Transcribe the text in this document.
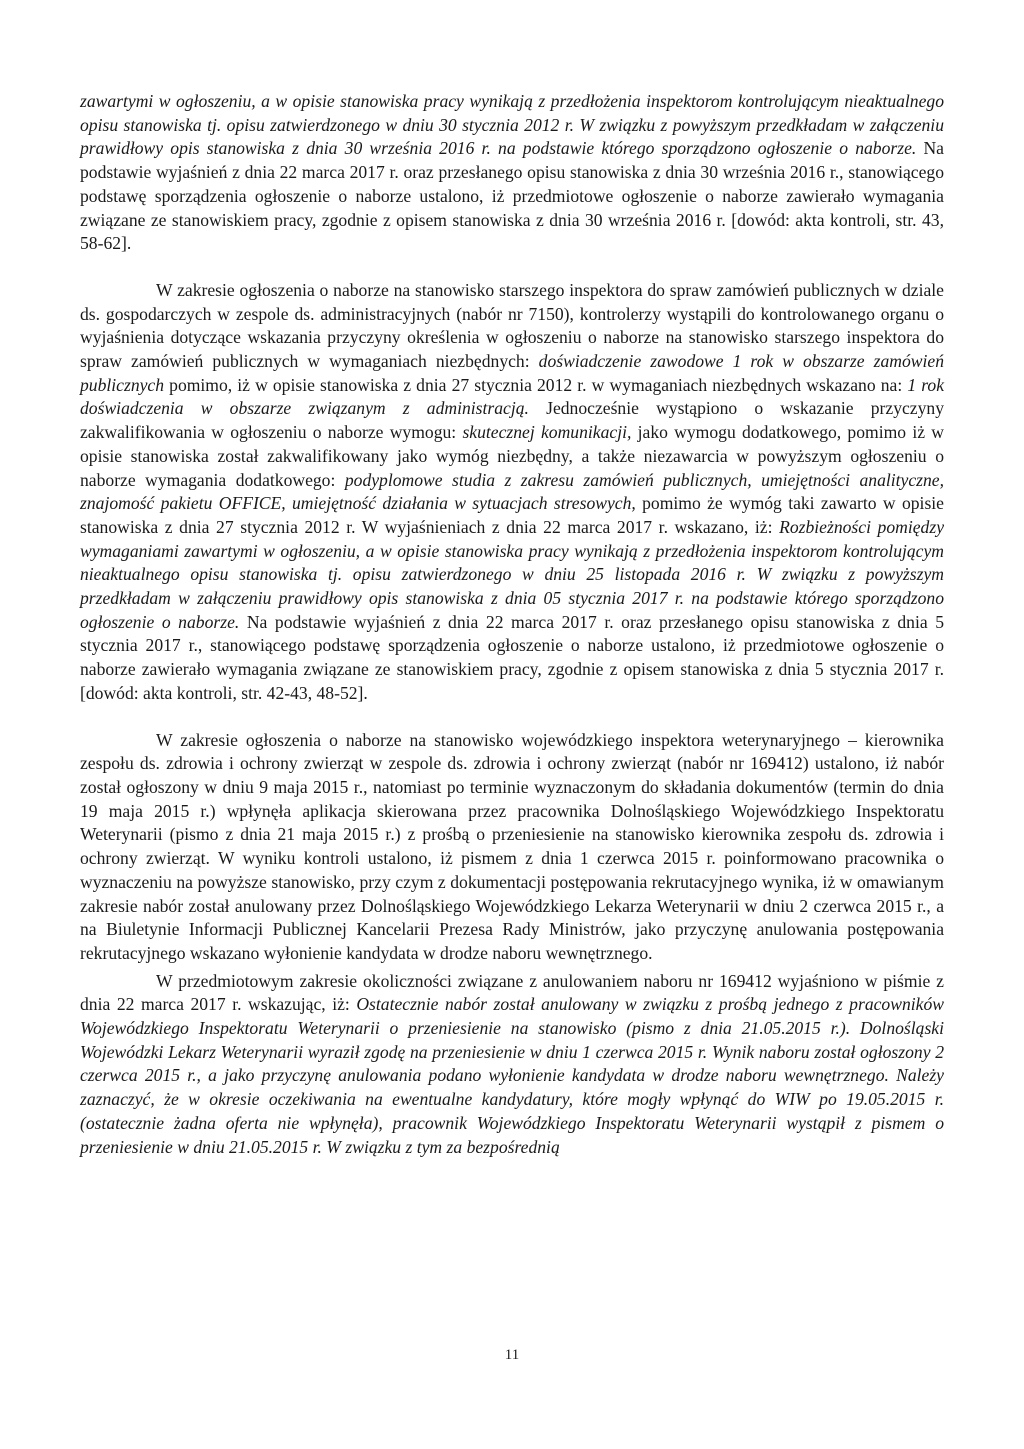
zawartymi w ogłoszeniu, a w opisie stanowiska pracy wynikają z przedłożenia inspektorom kontrolującym nieaktualnego opisu stanowiska tj. opisu zatwierdzonego w dniu 30 stycznia 2012 r. W związku z powyższym przedkładam w załączeniu prawidłowy opis stanowiska z dnia 30 września 2016 r. na podstawie którego sporządzono ogłoszenie o naborze. Na podstawie wyjaśnień z dnia 22 marca 2017 r. oraz przesłanego opisu stanowiska z dnia 30 września 2016 r., stanowiącego podstawę sporządzenia ogłoszenie o naborze ustalono, iż przedmiotowe ogłoszenie o naborze zawierało wymagania związane ze stanowiskiem pracy, zgodnie z opisem stanowiska z dnia 30 września 2016 r. [dowód: akta kontroli, str. 43, 58-62].

W zakresie ogłoszenia o naborze na stanowisko starszego inspektora do spraw zamówień publicznych w dziale ds. gospodarczych w zespole ds. administracyjnych (nabór nr 7150), kontrolerzy wystąpili do kontrolowanego organu o wyjaśnienia dotyczące wskazania przyczyny określenia w ogłoszeniu o naborze na stanowisko starszego inspektora do spraw zamówień publicznych w wymaganiach niezbędnych: doświadczenie zawodowe 1 rok w obszarze zamówień publicznych pomimo, iż w opisie stanowiska z dnia 27 stycznia 2012 r. w wymaganiach niezbędnych wskazano na: 1 rok doświadczenia w obszarze związanym z administracją. Jednocześnie wystąpiono o wskazanie przyczyny zakwalifikowania w ogłoszeniu o naborze wymogu: skutecznej komunikacji, jako wymogu dodatkowego, pomimo iż w opisie stanowiska został zakwalifikowany jako wymóg niezbędny, a także niezawarcia w powyższym ogłoszeniu o naborze wymagania dodatkowego: podyplomowe studia z zakresu zamówień publicznych, umiejętności analityczne, znajomość pakietu OFFICE, umiejętność działania w sytuacjach stresowych, pomimo że wymóg taki zawarto w opisie stanowiska z dnia 27 stycznia 2012 r. W wyjaśnieniach z dnia 22 marca 2017 r. wskazano, iż: Rozbieżności pomiędzy wymaganiami zawartymi w ogłoszeniu, a w opisie stanowiska pracy wynikają z przedłożenia inspektorom kontrolującym nieaktualnego opisu stanowiska tj. opisu zatwierdzonego w dniu 25 listopada 2016 r. W związku z powyższym przedkładam w załączeniu prawidłowy opis stanowiska z dnia 05 stycznia 2017 r. na podstawie którego sporządzono ogłoszenie o naborze. Na podstawie wyjaśnień z dnia 22 marca 2017 r. oraz przesłanego opisu stanowiska z dnia 5 stycznia 2017 r., stanowiącego podstawę sporządzenia ogłoszenie o naborze ustalono, iż przedmiotowe ogłoszenie o naborze zawierało wymagania związane ze stanowiskiem pracy, zgodnie z opisem stanowiska z dnia 5 stycznia 2017 r. [dowód: akta kontroli, str. 42-43, 48-52].

W zakresie ogłoszenia o naborze na stanowisko wojewódzkiego inspektora weterynaryjnego – kierownika zespołu ds. zdrowia i ochrony zwierząt w zespole ds. zdrowia i ochrony zwierząt (nabór nr 169412) ustalono, iż nabór został ogłoszony w dniu 9 maja 2015 r., natomiast po terminie wyznaczonym do składania dokumentów (termin do dnia 19 maja 2015 r.) wpłynęła aplikacja skierowana przez pracownika Dolnośląskiego Wojewódzkiego Inspektoratu Weterynarii (pismo z dnia 21 maja 2015 r.) z prośbą o przeniesienie na stanowisko kierownika zespołu ds. zdrowia i ochrony zwierząt. W wyniku kontroli ustalono, iż pismem z dnia 1 czerwca 2015 r. poinformowano pracownika o wyznaczeniu na powyższe stanowisko, przy czym z dokumentacji postępowania rekrutacyjnego wynika, iż w omawianym zakresie nabór został anulowany przez Dolnośląskiego Wojewódzkiego Lekarza Weterynarii w dniu 2 czerwca 2015 r., a na Biuletynie Informacji Publicznej Kancelarii Prezesa Rady Ministrów, jako przyczynę anulowania postępowania rekrutacyjnego wskazano wyłonienie kandydata w drodze naboru wewnętrznego.

W przedmiotowym zakresie okoliczności związane z anulowaniem naboru nr 169412 wyjaśniono w piśmie z dnia 22 marca 2017 r. wskazując, iż: Ostatecznie nabór został anulowany w związku z prośbą jednego z pracowników Wojewódzkiego Inspektoratu Weterynarii o przeniesienie na stanowisko (pismo z dnia 21.05.2015 r.). Dolnośląski Wojewódzki Lekarz Weterynarii wyraził zgodę na przeniesienie w dniu 1 czerwca 2015 r. Wynik naboru został ogłoszony 2 czerwca 2015 r., a jako przyczynę anulowania podano wyłonienie kandydata w drodze naboru wewnętrznego. Należy zaznaczyć, że w okresie oczekiwania na ewentualne kandydatury, które mogły wpłynąć do WIW po 19.05.2015 r. (ostatecznie żadna oferta nie wpłynęła), pracownik Wojewódzkiego Inspektoratu Weterynarii wystąpił z pismem o przeniesienie w dniu 21.05.2015 r. W związku z tym za bezpośrednią

11
